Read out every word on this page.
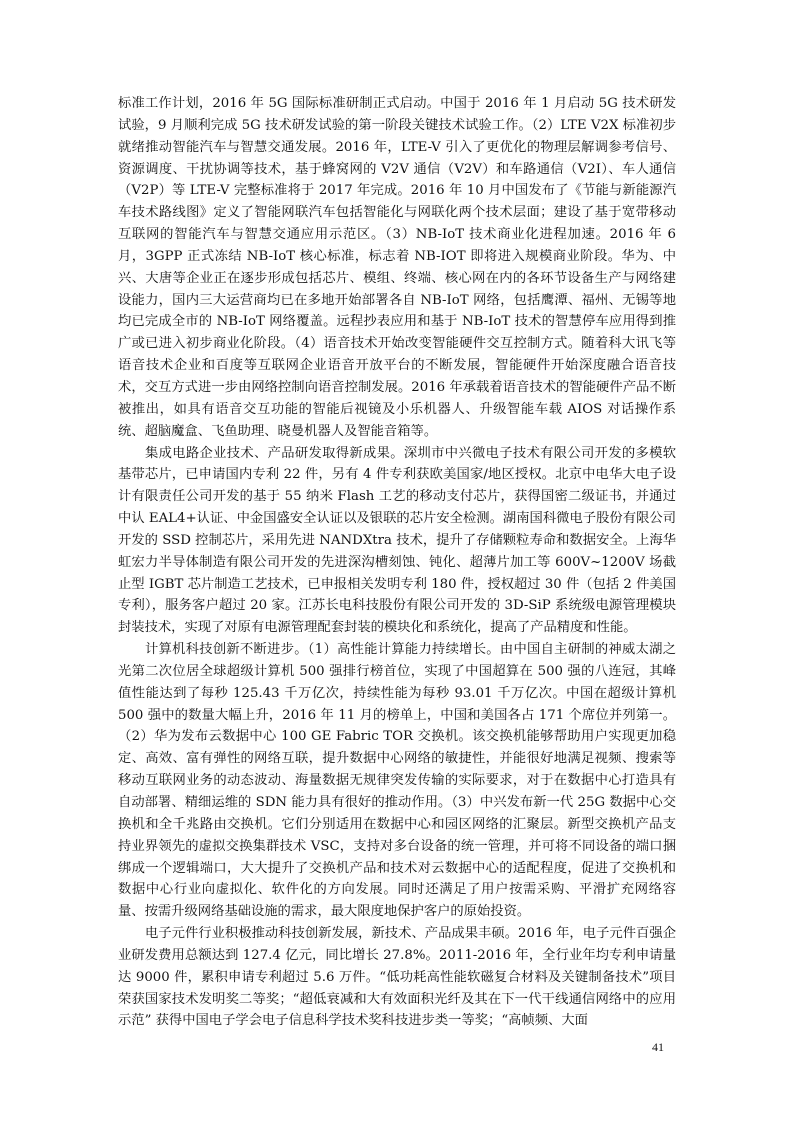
标准工作计划，2016 年 5G 国际标准研制正式启动。中国于 2016 年 1 月启动 5G 技术研发试验，9 月顺利完成 5G 技术研发试验的第一阶段关键技术试验工作。（2）LTE V2X 标准初步就绪推动智能汽车与智慧交通发展。2016 年，LTE-V 引入了更优化的物理层解调参考信号、资源调度、干扰协调等技术，基于蜂窝网的 V2V 通信（V2V）和车路通信（V2I）、车人通信（V2P）等 LTE-V 完整标准将于 2017 年完成。2016 年 10 月中国发布了《节能与新能源汽车技术路线图》定义了智能网联汽车包括智能化与网联化两个技术层面；建设了基于宽带移动互联网的智能汽车与智慧交通应用示范区。（3）NB-IoT 技术商业化进程加速。2016 年 6 月，3GPP 正式冻结 NB-IoT 核心标准，标志着 NB-IOT 即将进入规模商业阶段。华为、中兴、大唐等企业正在逐步形成包括芯片、模组、终端、核心网在内的各环节设备生产与网络建设能力，国内三大运营商均已在多地开始部署各自 NB-IoT 网络，包括鹰潭、福州、无锡等地均已完成全市的 NB-IoT 网络覆盖。远程抄表应用和基于 NB-IoT 技术的智慧停车应用得到推广或已进入初步商业化阶段。（4）语音技术开始改变智能硬件交互控制方式。随着科大讯飞等语音技术企业和百度等互联网企业语音开放平台的不断发展，智能硬件开始深度融合语音技术，交互方式进一步由网络控制向语音控制发展。2016 年承载着语音技术的智能硬件产品不断被推出，如具有语音交互功能的智能后视镜及小乐机器人、升级智能车载 AIOS 对话操作系统、超脑魔盒、飞鱼助理、晓曼机器人及智能音箱等。

集成电路企业技术、产品研发取得新成果。深圳市中兴微电子技术有限公司开发的多模软基带芯片，已申请国内专利 22 件，另有 4 件专利获欧美国家/地区授权。北京中电华大电子设计有限责任公司开发的基于 55 纳米 Flash 工艺的移动支付芯片，获得国密二级证书，并通过中认 EAL4+认证、中金国盛安全认证以及银联的芯片安全检测。湖南国科微电子股份有限公司开发的 SSD 控制芯片，采用先进 NANDXtra 技术，提升了存储颗粒寿命和数据安全。上海华虹宏力半导体制造有限公司开发的先进深沟槽刻蚀、钝化、超薄片加工等 600V~1200V 场截止型 IGBT 芯片制造工艺技术，已申报相关发明专利 180 件，授权超过 30 件（包括 2 件美国专利），服务客户超过 20 家。江苏长电科技股份有限公司开发的 3D-SiP 系统级电源管理模块封装技术，实现了对原有电源管理配套封装的模块化和系统化，提高了产品精度和性能。

计算机科技创新不断进步。（1）高性能计算能力持续增长。由中国自主研制的神威太湖之光第二次位居全球超级计算机 500 强排行榜首位，实现了中国超算在 500 强的八连冠，其峰值性能达到了每秒 125.43 千万亿次，持续性能为每秒 93.01 千万亿次。中国在超级计算机 500 强中的数量大幅上升，2016 年 11 月的榜单上，中国和美国各占 171 个席位并列第一。（2）华为发布云数据中心 100 GE Fabric TOR 交换机。该交换机能够帮助用户实现更加稳定、高效、富有弹性的网络互联，提升数据中心网络的敏捷性，并能很好地满足视频、搜索等移动互联网业务的动态波动、海量数据无规律突发传输的实际要求，对于在数据中心打造具有自动部署、精细运维的 SDN 能力具有很好的推动作用。（3）中兴发布新一代 25G 数据中心交换机和全千兆路由交换机。它们分别适用在数据中心和园区网络的汇聚层。新型交换机产品支持业界领先的虚拟交换集群技术 VSC，支持对多台设备的统一管理，并可将不同设备的端口捆绑成一个逻辑端口，大大提升了交换机产品和技术对云数据中心的适配程度，促进了交换机和数据中心行业向虚拟化、软件化的方向发展。同时还满足了用户按需采购、平滑扩充网络容量、按需升级网络基础设施的需求，最大限度地保护客户的原始投资。

电子元件行业积极推动科技创新发展，新技术、产品成果丰硕。2016 年，电子元件百强企业研发费用总额达到 127.4 亿元，同比增长 27.8%。2011-2016 年，全行业年均专利申请量达 9000 件，累积申请专利超过 5.6 万件。“低功耗高性能软磁复合材料及关键制备技术”项目荣获国家技术发明奖二等奖；“超低衰减和大有效面积光纤及其在下一代干线通信网络中的应用示范” 获得中国电子学会电子信息科学技术奖科技进步类一等奖；“高帧频、大面

41
